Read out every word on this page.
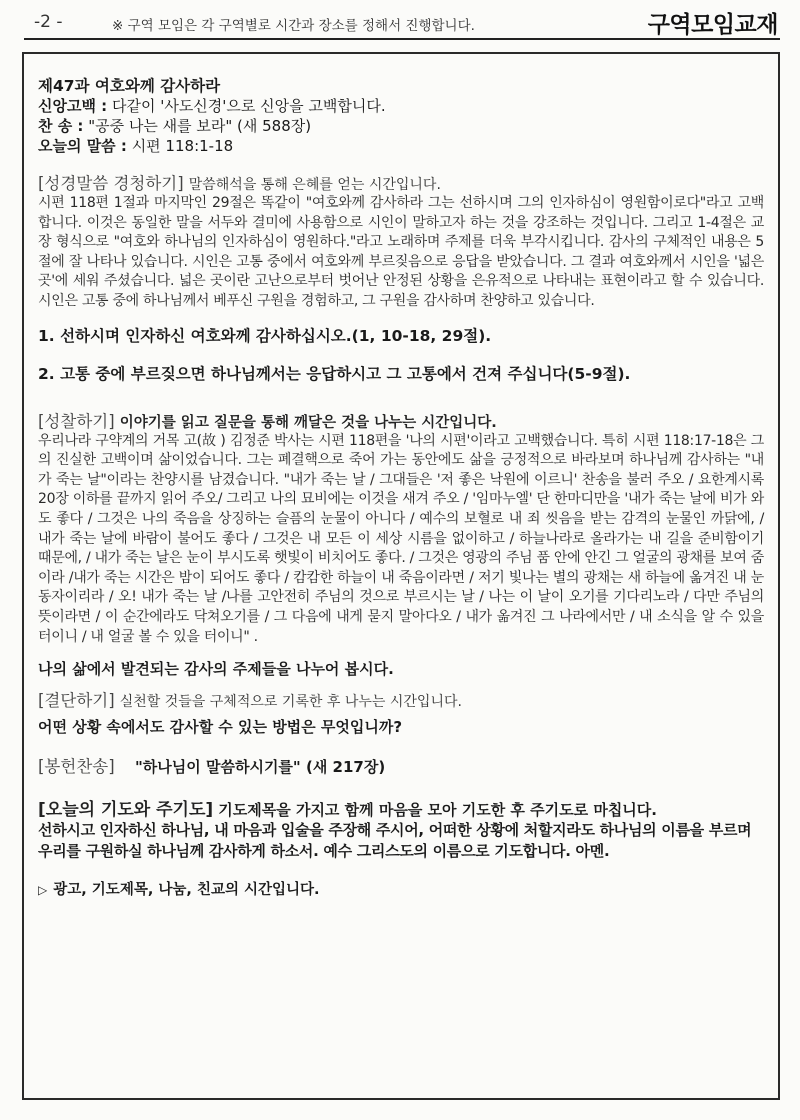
-2 -	※ 구역 모임은 각 구역별로 시간과 장소를 정해서 진행합니다.	구역모임교재
제47과 여호와께 감사하라
신앙고백 : 다같이 '사도신경'으로 신앙을 고백합니다.
찬 송 : "공중 나는 새를 보라" (새 588장)
오늘의 말씀 : 시편 118:1-18
[성경말씀 경청하기] 말씀해석을 통해 은혜를 얻는 시간입니다.

시편 118편 1절과 마지막인 29절은 똑같이 "여호와께 감사하라 그는 선하시며 그의 인자하심이 영원함이로다"라고 고백합니다. 이것은 동일한 말을 서두와 결미에 사용함으로 시인이 말하고자 하는 것을 강조하는 것입니다. 그리고 1-4절은 교장 형식으로 "여호와 하나님의 인자하심이 영원하다."라고 노래하며 주제를 더욱 부각시킵니다. 감사의 구체적인 내용은 5절에 잘 나타나 있습니다. 시인은 고통 중에서 여호와께 부르짖음으로 응답을 받았습니다. 그 결과 여호와께서 시인을 '넓은 곳'에 세워 주셨습니다. 넓은 곳이란 고난으로부터 벗어난 안정된 상황을 은유적으로 나타내는 표현이라고 할 수 있습니다. 시인은 고통 중에 하나님께서 베푸신 구원을 경험하고, 그 구원을 감사하며 찬양하고 있습니다.

1. 선하시며 인자하신 여호와께 감사하십시오.(1, 10-18, 29절).

2. 고통 중에 부르짖으면 하나님께서는 응답하시고 그 고통에서 건져 주십니다(5-9절).

[성찰하기] 이야기를 읽고 질문을 통해 깨달은 것을 나누는 시간입니다.

우리나라 구약계의 거목 고(故 ) 김정준 박사는 시편 118편을 '나의 시편'이라고 고백했습니다. 특히 시편 118:17-18은 그의 진실한 고백이며 삶이었습니다. 그는 폐결핵으로 죽어 가는 동안에도 삶을 긍정적으로 바라보며 하나님께 감사하는 "내가 죽는 날"이라는 찬양시를 남겼습니다. "내가 죽는 날 / 그대들은 '저 좋은 낙원에 이르니' 찬송을 불러 주오 / 요한계시록 20장 이하를 끝까지 읽어 주오/ 그리고 나의 묘비에는 이것을 새겨 주오 / '임마누엘' 단 한마디만을 '내가 죽는 날에 비가 와도 좋다 / 그것은 나의 죽음을 상징하는 슬픔의 눈물이 아니다 / 예수의 보혈로 내 죄 씻음을 받는 감격의 눈물인 까닭에, / 내가 죽는 날에 바람이 불어도 좋다 / 그것은 내 모든 이 세상 시름을 없이하고 / 하늘나라로 올라가는 내 길을 준비함이기 때문에, / 내가 죽는 날은 눈이 부시도록 햇빛이 비치어도 좋다. / 그것은 영광의 주님 품 안에 안긴 그 얼굴의 광채를 보여 줌이라 /내가 죽는 시간은 밤이 되어도 좋다 / 캄캄한 하늘이 내 죽음이라면 / 저기 빛나는 별의 광채는 새 하늘에 옮겨진 내 눈동자이리라 / 오! 내가 죽는 날 /나를 고안전히 주님의 것으로 부르시는 날 / 나는 이 날이 오기를 기다리노라 / 다만 주님의 뜻이라면 / 이 순간에라도 닥쳐오기를 / 그 다음에 내게 묻지 말아다오 / 내가 옮겨진 그 나라에서만 / 내 소식을 알 수 있을 터이니 / 내 얼굴 볼 수 있을 터이니" .

나의 삶에서 발견되는 감사의 주제들을 나누어 봅시다.

[결단하기] 실천할 것들을 구체적으로 기록한 후 나누는 시간입니다.

어떤 상황 속에서도 감사할 수 있는 방법은 무엇입니까?

[봉헌찬송] "하나님이 말씀하시기를" (새 217장)
[오늘의 기도와 주기도] 기도제목을 가지고 함께 마음을 모아 기도한 후 주기도로 마칩니다.

선하시고 인자하신 하나님, 내 마음과 입술을 주장해 주시어, 어떠한 상황에 처할지라도 하나님의 이름을 부르며 우리를 구원하실 하나님께 감사하게 하소서. 예수 그리스도의 이름으로 기도합니다. 아멘.

▷ 광고, 기도제목, 나눔, 친교의 시간입니다.
